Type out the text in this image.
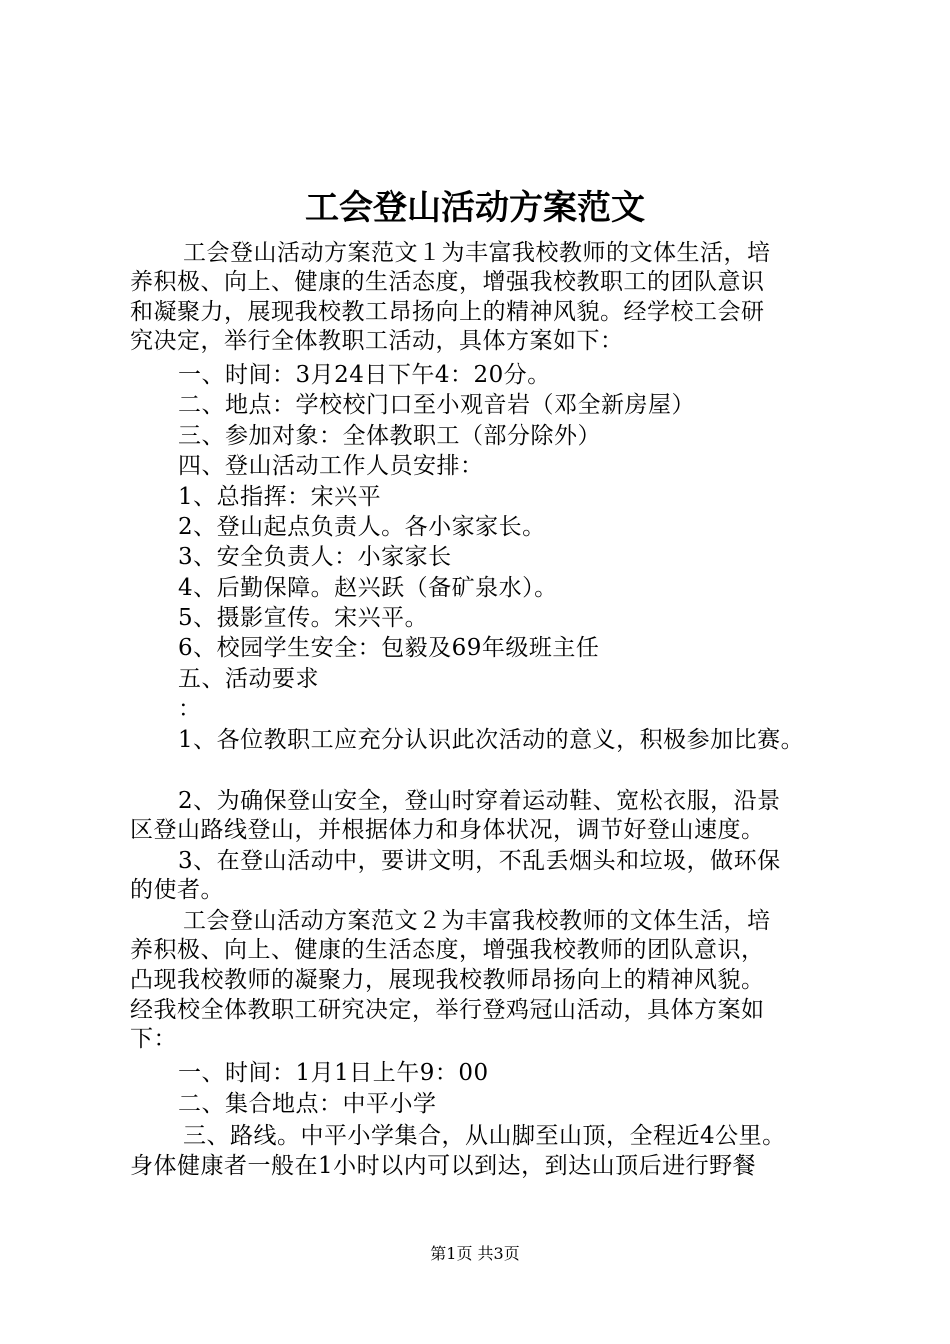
工会登山活动方案范文
工会登山活动方案范文１为丰富我校教师的文体生活，培
养积极、向上、健康的生活态度，增强我校教职工的团队意识
和凝聚力，展现我校教工昂扬向上的精神风貌。经学校工会研
究决定，举行全体教职工活动，具体方案如下：
一、时间：3月24日下午4：20分。
二、地点：学校校门口至小观音岩（邓全新房屋）
三、参加对象：全体教职工（部分除外）
四、登山活动工作人员安排：
1、总指挥：宋兴平
2、登山起点负责人。各小家家长。
3、安全负责人：小家家长
4、后勤保障。赵兴跃（备矿泉水）。
5、摄影宣传。宋兴平。
6、校园学生安全：包毅及69年级班主任
五、活动要求
：
1、各位教职工应充分认识此次活动的意义，积极参加比赛。
2、为确保登山安全，登山时穿着运动鞋、宽松衣服，沿景
区登山路线登山，并根据体力和身体状况，调节好登山速度。
3、在登山活动中，要讲文明，不乱丢烟头和垃圾，做环保
的使者。
工会登山活动方案范文２为丰富我校教师的文体生活，培
养积极、向上、健康的生活态度，增强我校教师的团队意识，
凸现我校教师的凝聚力，展现我校教师昂扬向上的精神风貌。
经我校全体教职工研究决定，举行登鸡冠山活动，具体方案如
下：
一、时间：1月1日上午9：00
二、集合地点：中平小学
三、路线。中平小学集合，从山脚至山顶，全程近4公里。
身体健康者一般在1小时以内可以到达，到达山顶后进行野餐
第1页 共3页
